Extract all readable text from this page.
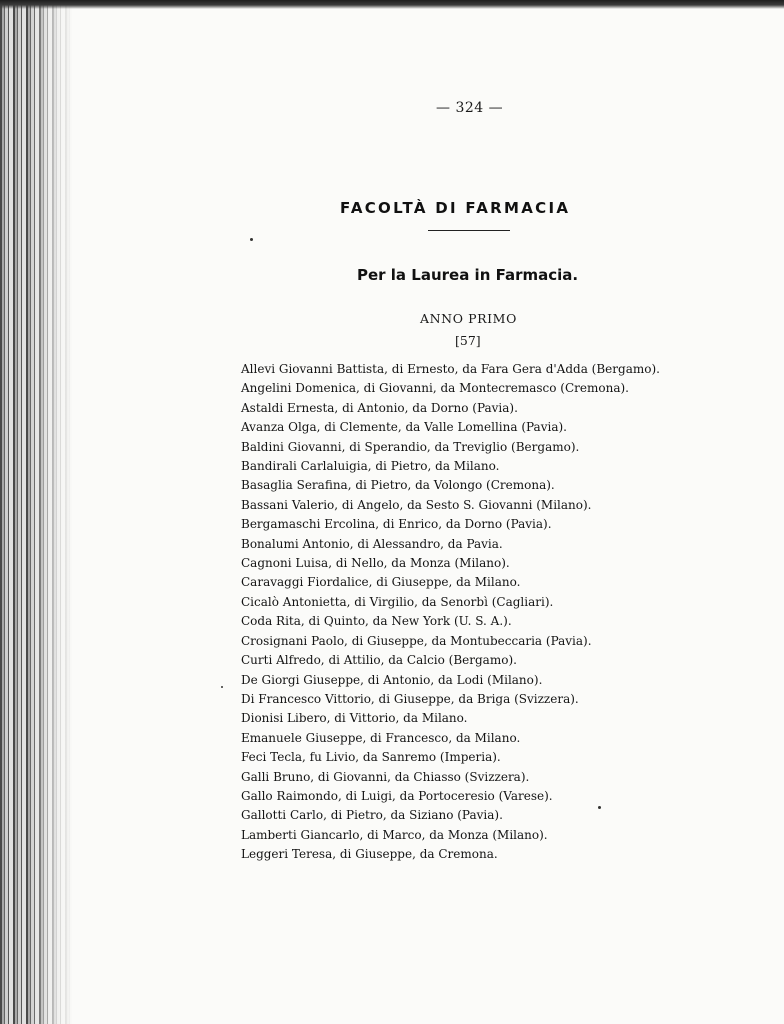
— 324 —
FACOLTÀ DI FARMACIA
Per la Laurea in Farmacia.
ANNO PRIMO
[57]
Allevi Giovanni Battista, di Ernesto, da Fara Gera d'Adda (Bergamo).
Angelini Domenica, di Giovanni, da Montecremasco (Cremona).
Astaldi Ernesta, di Antonio, da Dorno (Pavia).
Avanza Olga, di Clemente, da Valle Lomellina (Pavia).
Baldini Giovanni, di Sperandio, da Treviglio (Bergamo).
Bandirali Carlaluigia, di Pietro, da Milano.
Basaglia Serafina, di Pietro, da Volongo (Cremona).
Bassani Valerio, di Angelo, da Sesto S. Giovanni (Milano).
Bergamaschi Ercolina, di Enrico, da Dorno (Pavia).
Bonalumi Antonio, di Alessandro, da Pavia.
Cagnoni Luisa, di Nello, da Monza (Milano).
Caravaggi Fiordalice, di Giuseppe, da Milano.
Cicalò Antonietta, di Virgilio, da Senorbì (Cagliari).
Coda Rita, di Quinto, da New York (U. S. A.).
Crosignani Paolo, di Giuseppe, da Montubeccaria (Pavia).
Curti Alfredo, di Attilio, da Calcio (Bergamo).
De Giorgi Giuseppe, di Antonio, da Lodi (Milano).
Di Francesco Vittorio, di Giuseppe, da Briga (Svizzera).
Dionisi Libero, di Vittorio, da Milano.
Emanuele Giuseppe, di Francesco, da Milano.
Feci Tecla, fu Livio, da Sanremo (Imperia).
Galli Bruno, di Giovanni, da Chiasso (Svizzera).
Gallo Raimondo, di Luigi, da Portoceresio (Varese).
Gallotti Carlo, di Pietro, da Siziano (Pavia).
Lamberti Giancarlo, di Marco, da Monza (Milano).
Leggeri Teresa, di Giuseppe, da Cremona.
